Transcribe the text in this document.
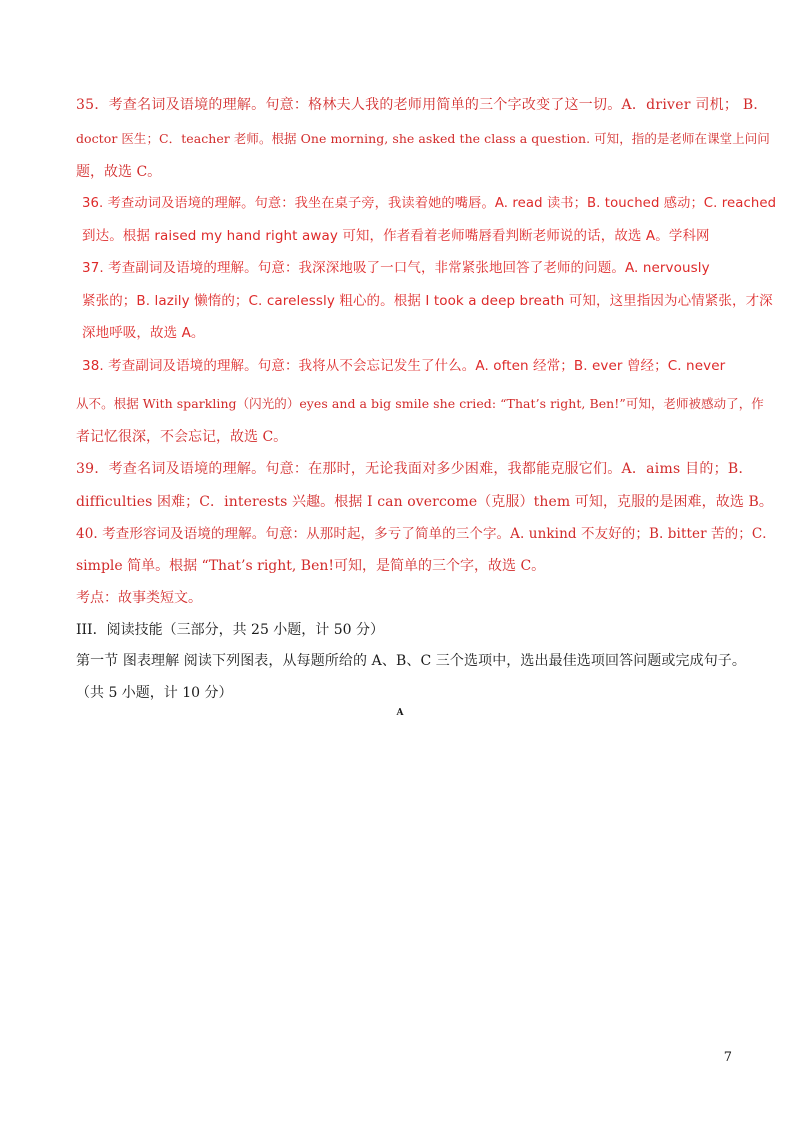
35．考查名词及语境的理解。句意：格林夫人我的老师用简单的三个字改变了这一切。A．driver 司机； B．
doctor 医生；C．teacher 老师。根据 One morning, she asked the class a question. 可知，指的是老师在课堂上问问
题，故选 C。
36. 考查动词及语境的理解。句意：我坐在桌子旁，我读着她的嘴唇。A. read 读书；B. touched 感动；C. reached
到达。根据 raised my hand right away 可知，作者看着老师嘴唇看判断老师说的话，故选 A。学科网
37. 考查副词及语境的理解。句意：我深深地吸了一口气，非常紧张地回答了老师的问题。A. nervously
紧张的；B. lazily 懒惰的；C. carelessly 粗心的。根据 I took a deep breath 可知，这里指因为心情紧张，才深
深地呼吸，故选 A。
38. 考查副词及语境的理解。句意：我将从不会忘记发生了什么。A. often 经常；B. ever 曾经；C. never
从不。根据 With sparkling（闪光的）eyes and a big smile she cried: “That’s right, Ben!”可知，老师被感动了，作
者记忆很深，不会忘记，故选 C。
39．考查名词及语境的理解。句意：在那时，无论我面对多少困难，我都能克服它们。A．aims 目的；B．
difficulties 困难；C．interests 兴趣。根据 I can overcome（克服）them 可知，克服的是困难，故选 B。
40. 考查形容词及语境的理解。句意：从那时起，多亏了简单的三个字。A. unkind 不友好的；B. bitter 苦的；C．
simple 简单。根据 “That’s right, Ben!可知，是简单的三个字，故选 C。
考点：故事类短文。
III．阅读技能（三部分，共 25 小题，计 50 分）
第一节 图表理解 阅读下列图表，从每题所给的 A、B、C 三个选项中，选出最佳选项回答问题或完成句子。
（共 5 小题，计 10 分）
A
7
